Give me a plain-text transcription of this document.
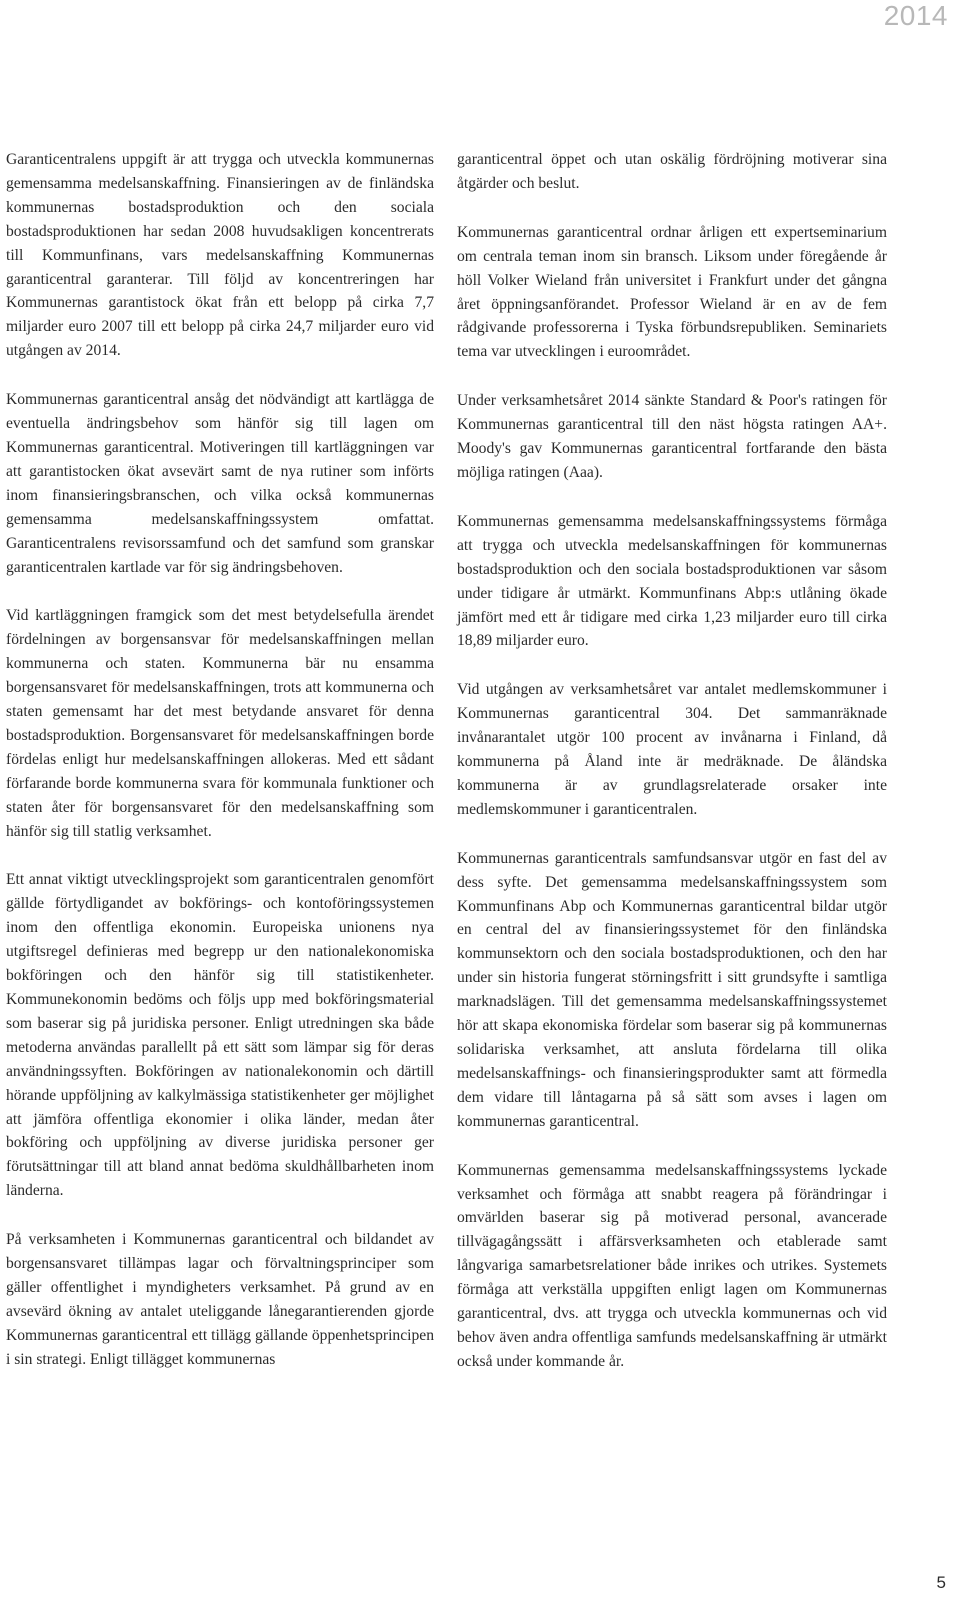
2014

Garanticentralens uppgift är att trygga och utveckla kommunernas gemensamma medelsanskaffning. Finansieringen av de finländska kommunernas bostadsproduktion och den sociala bostadsproduktionen har sedan 2008 huvudsakligen koncentrerats till Kommunfinans, vars medelsanskaffning Kommunernas garanticentral garanterar. Till följd av koncentreringen har Kommunernas garantistock ökat från ett belopp på cirka 7,7 miljarder euro 2007 till ett belopp på cirka 24,7 miljarder euro vid utgången av 2014.

Kommunernas garanticentral ansåg det nödvändigt att kartlägga de eventuella ändringsbehov som hänför sig till lagen om Kommunernas garanticentral. Motiveringen till kartläggningen var att garantistocken ökat avsevärt samt de nya rutiner som införts inom finansieringsbranschen, och vilka också kommunernas gemensamma medelsanskaffningssystem omfattat. Garanticentralens revisorssamfund och det samfund som granskar garanticentralen kartlade var för sig ändringsbehoven.

Vid kartläggningen framgick som det mest betydelsefulla ärendet fördelningen av borgensansvar för medelsanskaffningen mellan kommunerna och staten. Kommunerna bär nu ensamma borgensansvaret för medelsanskaffningen, trots att kommunerna och staten gemensamt har det mest betydande ansvaret för denna bostadsproduktion. Borgensansvaret för medelsanskaffningen borde fördelas enligt hur medelsanskaffningen allokeras. Med ett sådant förfarande borde kommunerna svara för kommunala funktioner och staten åter för borgensansvaret för den medelsanskaffning som hänför sig till statlig verksamhet.

Ett annat viktigt utvecklingsprojekt som garanticentralen genomfört gällde förtydligandet av bokförings- och kontoföringssystemen inom den offentliga ekonomin. Europeiska unionens nya utgiftsregel definieras med begrepp ur den nationalekonomiska bokföringen och den hänför sig till statistikenheter. Kommunekonomin bedöms och följs upp med bokföringsmaterial som baserar sig på juridiska personer. Enligt utredningen ska både metoderna användas parallellt på ett sätt som lämpar sig för deras användningssyften. Bokföringen av nationalekonomin och därtill hörande uppföljning av kalkylmässiga statistikenheter ger möjlighet att jämföra offentliga ekonomier i olika länder, medan åter bokföring och uppföljning av diverse juridiska personer ger förutsättningar till att bland annat bedöma skuldhållbarheten inom länderna.

På verksamheten i Kommunernas garanticentral och bildandet av borgensansvaret tillämpas lagar och förvaltningsprinciper som gäller offentlighet i myndigheters verksamhet. På grund av en avsevärd ökning av antalet uteliggande lånegarantierenden gjorde Kommunernas garanticentral ett tillägg gällande öppenhetsprincipen i sin strategi. Enligt tillägget kommunernas

garanticentral öppet och utan oskälig fördröjning motiverar sina åtgärder och beslut.

Kommunernas garanticentral ordnar årligen ett expertseminarium om centrala teman inom sin bransch. Liksom under föregående år höll Volker Wieland från universitet i Frankfurt under det gångna året öppningsanförandet. Professor Wieland är en av de fem rådgivande professorerna i Tyska förbundsrepubliken. Seminariets tema var utvecklingen i euroområdet.

Under verksamhetsåret 2014 sänkte Standard & Poor's ratingen för Kommunernas garanticentral till den näst högsta ratingen AA+. Moody's gav Kommunernas garanticentral fortfarande den bästa möjliga ratingen (Aaa).

Kommunernas gemensamma medelsanskaffningssystems förmåga att trygga och utveckla medelsanskaffningen för kommunernas bostadsproduktion och den sociala bostadsproduktionen var såsom under tidigare år utmärkt. Kommunfinans Abp:s utlåning ökade jämfört med ett år tidigare med cirka 1,23 miljarder euro till cirka 18,89 miljarder euro.

Vid utgången av verksamhetsåret var antalet medlemskommuner i Kommunernas garanticentral 304. Det sammanräknade invånarantalet utgör 100 procent av invånarna i Finland, då kommunerna på Åland inte är medräknade. De åländska kommunerna är av grundlagsrelaterade orsaker inte medlemskommuner i garanticentralen.

Kommunernas garanticentrals samfundsansvar utgör en fast del av dess syfte. Det gemensamma medelsanskaffningssystem som Kommunfinans Abp och Kommunernas garanticentral bildar utgör en central del av finansieringssystemet för den finländska kommunsektorn och den sociala bostadsproduktionen, och den har under sin historia fungerat störningsfritt i sitt grundsyfte i samtliga marknadslägen. Till det gemensamma medelsanskaffningssystemet hör att skapa ekonomiska fördelar som baserar sig på kommunernas solidariska verksamhet, att ansluta fördelarna till olika medelsanskaffnings- och finansieringsprodukter samt att förmedla dem vidare till låntagarna på så sätt som avses i lagen om kommunernas garanticentral.

Kommunernas gemensamma medelsanskaffningssystems lyckade verksamhet och förmåga att snabbt reagera på förändringar i omvärlden baserar sig på motiverad personal, avancerade tillvägagångssätt i affärsverksamheten och etablerade samt långvariga samarbetsrelationer både inrikes och utrikes. Systemets förmåga att verkställa uppgiften enligt lagen om Kommunernas garanticentral, dvs. att trygga och utveckla kommunernas och vid behov även andra offentliga samfunds medelsanskaffning är utmärkt också under kommande år.

5
